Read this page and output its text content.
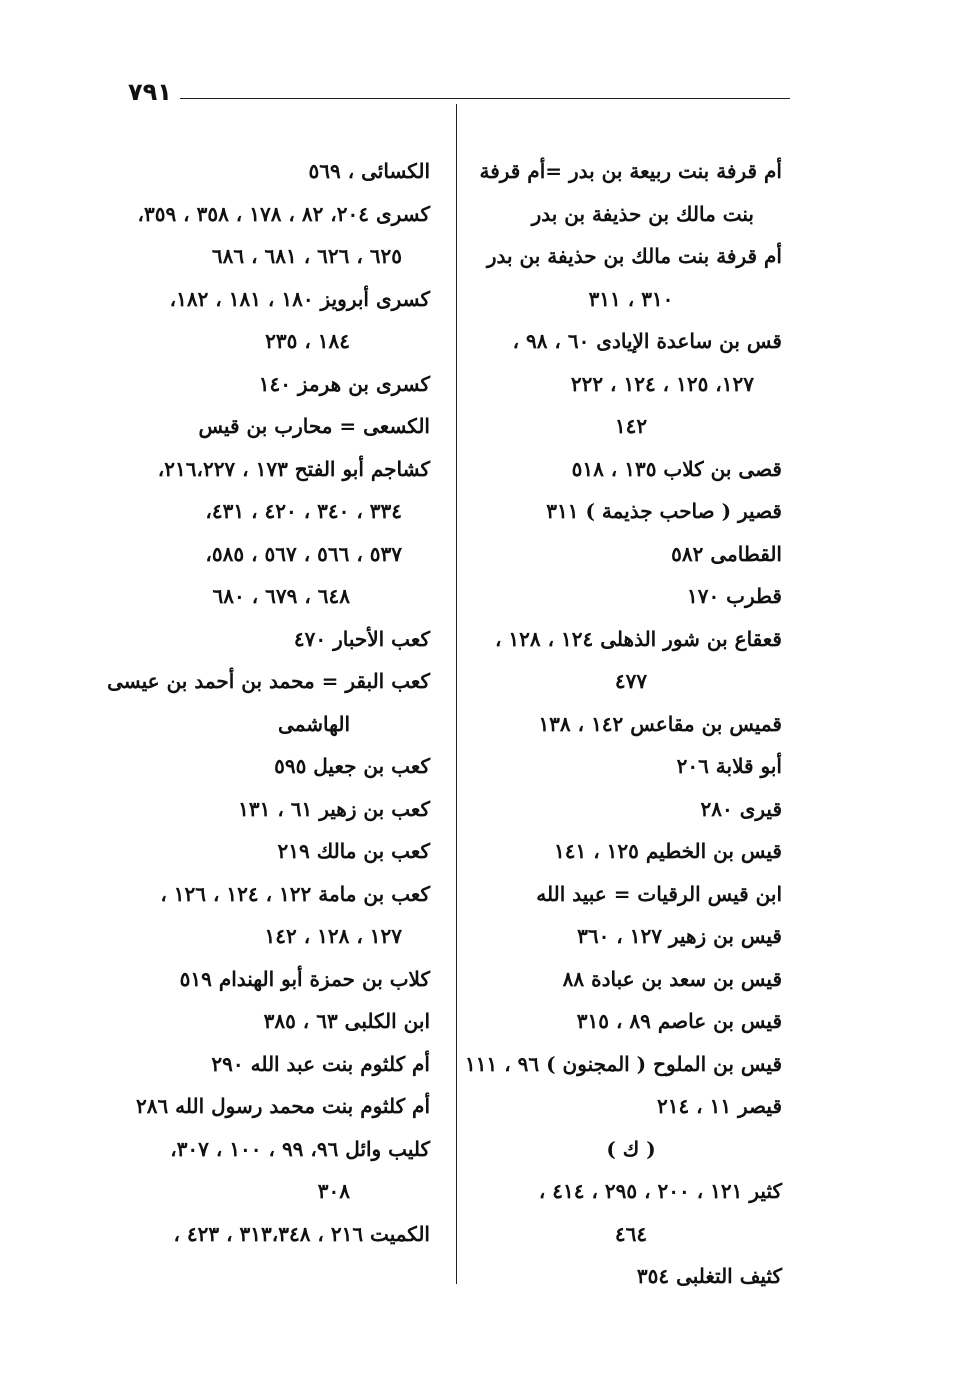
٧٩١
أم قرفة بنت ربيعة بن بدر =أم قرفة
بنت مالك بن حذيفة بن بدر
أم قرفة بنت مالك بن حذيفة بن بدر
٣١٠ ، ٣١١
قس بن ساعدة الإيادى ٦٠ ، ٩٨ ،
١٢٧، ١٢٥ ، ١٢٤ ، ٢٢٢
١٤٢
قصى بن كلاب ١٣٥ ، ٥١٨
قصير ( صاحب جذيمة ) ٣١١
القطامى ٥٨٢
قطرب ١٧٠
قعقاع بن شور الذهلى ١٢٤ ، ١٢٨ ،
٤٧٧
قميس بن مقاعس ١٤٢ ، ١٣٨
أبو قلابة ٢٠٦
قيرى ٢٨٠
قيس بن الخطيم ١٢٥ ، ١٤١
ابن قيس الرقيات = عبيد الله
قيس بن زهير ١٢٧ ، ٣٦٠
قيس بن سعد بن عبادة ٨٨
قيس بن عاصم ٨٩ ، ٣١٥
قيس بن الملوح ( المجنون ) ٩٦ ، ١١١
قيصر ١١ ، ٢١٤
( ك )
كثير ١٢١ ، ٢٠٠ ، ٢٩٥ ، ٤١٤ ،
٤٦٤
كثيف التغلبى ٣٥٤
الكسائى ، ٥٦٩
كسرى ٢٠٤، ٨٢ ، ١٧٨ ، ٣٥٨ ، ٣٥٩،
٦٢٥ ، ٦٢٦ ، ٦٨١ ، ٦٨٦
كسرى أبرويز ١٨٠ ، ١٨١ ، ١٨٢،
١٨٤ ، ٢٣٥
كسرى بن هرمز ١٤٠
الكسعى = محارب بن قيس
كشاجم أبو الفتح ١٧٣ ، ٢١٦،٢٢٧،
٣٣٤ ، ٣٤٠ ، ٤٢٠ ، ٤٣١،
٥٣٧ ، ٥٦٦ ، ٥٦٧ ، ٥٨٥،
٦٤٨ ، ٦٧٩ ، ٦٨٠
كعب الأحبار ٤٧٠
كعب البقر = محمد بن أحمد بن عيسى
الهاشمى
كعب بن جعيل ٥٩٥
كعب بن زهير ٦١ ، ١٣١
كعب بن مالك ٢١٩
كعب بن مامة ١٢٢ ، ١٢٤ ، ١٢٦ ،
١٢٧ ، ١٢٨ ، ١٤٢
كلاب بن حمزة أبو الهندام ٥١٩
ابن الكلبى ٦٣ ، ٣٨٥
أم كلثوم بنت عبد الله ٢٩٠
أم كلثوم بنت محمد رسول الله ٢٨٦
كليب وائل ٩٦، ٩٩ ، ١٠٠ ، ٣٠٧،
٣٠٨
الكميت ٢١٦ ، ٣١٣،٣٤٨ ، ٤٢٣ ،
